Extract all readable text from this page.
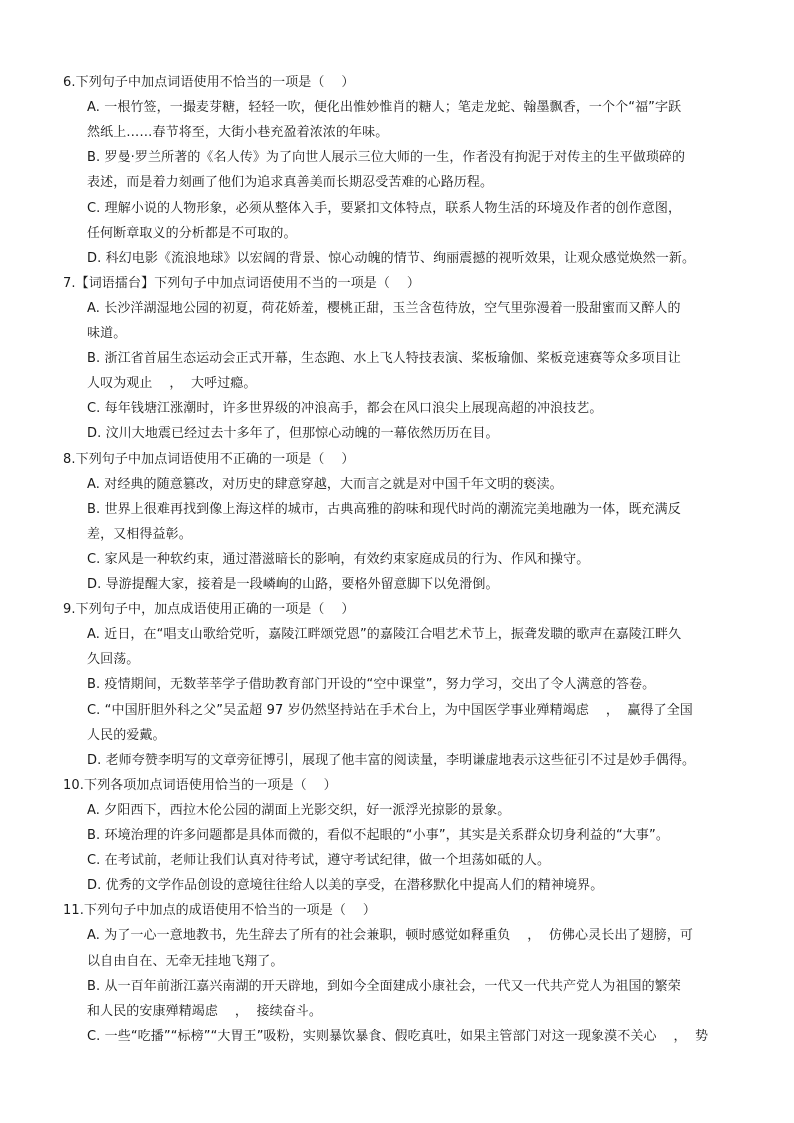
6.下列句子中加点词语使用不恰当的一项是（    ）
A. 一根竹签，一撮麦芽糖，轻轻一吹，便化出惟妙惟肖的糖人；笔走龙蛇、翰墨飘香，一个个“福”字跃
然纸上……春节将至，大街小巷充盈着浓浓的年味。
B. 罗曼·罗兰所著的《名人传》为了向世人展示三位大师的一生，作者没有拘泥于对传主的生平做琐碎的
表述，而是着力刻画了他们为追求真善美而长期忍受苦难的心路历程。
C. 理解小说的人物形象，必须从整体入手，要紧扣文体特点，联系人物生活的环境及作者的创作意图，
任何断章取义的分析都是不可取的。
D. 科幻电影《流浪地球》以宏阔的背景、惊心动魄的情节、绚丽震撼的视听效果，让观众感觉焕然一新。
7.【词语擂台】下列句子中加点词语使用不当的一项是（    ）
A. 长沙洋湖湿地公园的初夏，荷花娇羞，樱桃正甜，玉兰含苞待放，空气里弥漫着一股甜蜜而又醉人的
味道。
B. 浙江省首届生态运动会正式开幕，生态跑、水上飞人特技表演、桨板瑜伽、桨板竞速赛等众多项目让
人叹为观止    ，  大呼过瘾。
C. 每年钱塘江涨潮时，许多世界级的冲浪高手，都会在风口浪尖上展现高超的冲浪技艺。
D. 汶川大地震已经过去十多年了，但那惊心动魄的一幕依然历历在目。
8.下列句子中加点词语使用不正确的一项是（    ）
A. 对经典的随意篡改，对历史的肆意穿越，大而言之就是对中国千年文明的亵渎。
B. 世界上很难再找到像上海这样的城市，古典高雅的韵味和现代时尚的潮流完美地融为一体，既充满反
差，又相得益彰。
C. 家风是一种软约束，通过潜滋暗长的影响，有效约束家庭成员的行为、作风和操守。
D. 导游提醒大家，接着是一段嶙峋的山路，要格外留意脚下以免滑倒。
9.下列句子中，加点成语使用正确的一项是（    ）
A. 近日，在“唱支山歌给党听，嘉陵江畔颂党恩”的嘉陵江合唱艺术节上，振聋发聩的歌声在嘉陵江畔久
久回荡。
B. 疫情期间，无数莘莘学子借助教育部门开设的“空中课堂”，努力学习，交出了令人满意的答卷。
C. “中国肝胆外科之父”吴孟超 97 岁仍然坚持站在手术台上，为中国医学事业殚精竭虑    ，  赢得了全国
人民的爱戴。
D. 老师夸赞李明写的文章旁征博引，展现了他丰富的阅读量，李明谦虚地表示这些征引不过是妙手偶得。
10.下列各项加点词语使用恰当的一项是（    ）
A. 夕阳西下，西拉木伦公园的湖面上光影交织，好一派浮光掠影的景象。
B. 环境治理的许多问题都是具体而微的，看似不起眼的“小事”，其实是关系群众切身利益的“大事”。
C. 在考试前，老师让我们认真对待考试，遵守考试纪律，做一个坦荡如砥的人。
D. 优秀的文学作品创设的意境往往给人以美的享受，在潜移默化中提高人们的精神境界。
11.下列句子中加点的成语使用不恰当的一项是（    ）
A. 为了一心一意地教书，先生辞去了所有的社会兼职，顿时感觉如释重负    ，  仿佛心灵长出了翅膀，可
以自由自在、无牵无挂地飞翔了。
B. 从一百年前浙江嘉兴南湖的开天辟地，到如今全面建成小康社会，一代又一代共产党人为祖国的繁荣
和人民的安康殚精竭虑    ，  接续奋斗。
C. 一些“吃播”“标榜”“大胃王”吸粉，实则暴饮暴食、假吃真吐，如果主管部门对这一现象漠不关心    ，  势
